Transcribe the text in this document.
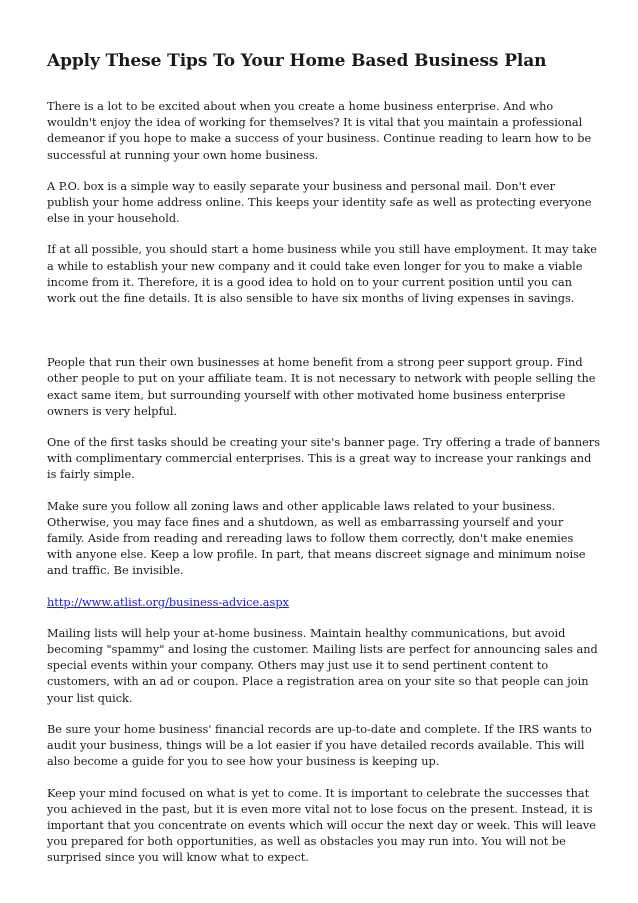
Apply These Tips To Your Home Based Business Plan

There is a lot to be excited about when you create a home business enterprise. And who wouldn't enjoy the idea of working for themselves? It is vital that you maintain a professional demeanor if you hope to make a success of your business. Continue reading to learn how to be successful at running your own home business.

A P.O. box is a simple way to easily separate your business and personal mail. Don't ever publish your home address online. This keeps your identity safe as well as protecting everyone else in your household.

If at all possible, you should start a home business while you still have employment. It may take a while to establish your new company and it could take even longer for you to make a viable income from it. Therefore, it is a good idea to hold on to your current position until you can work out the fine details. It is also sensible to have six months of living expenses in savings.

People that run their own businesses at home benefit from a strong peer support group. Find other people to put on your affiliate team. It is not necessary to network with people selling the exact same item, but surrounding yourself with other motivated home business enterprise owners is very helpful.

One of the first tasks should be creating your site's banner page. Try offering a trade of banners with complimentary commercial enterprises. This is a great way to increase your rankings and is fairly simple.

Make sure you follow all zoning laws and other applicable laws related to your business. Otherwise, you may face fines and a shutdown, as well as embarrassing yourself and your family. Aside from reading and rereading laws to follow them correctly, don't make enemies with anyone else. Keep a low profile. In part, that means discreet signage and minimum noise and traffic. Be invisible.

http://www.atlist.org/business-advice.aspx

Mailing lists will help your at-home business. Maintain healthy communications, but avoid becoming "spammy" and losing the customer. Mailing lists are perfect for announcing sales and special events within your company. Others may just use it to send pertinent content to customers, with an ad or coupon. Place a registration area on your site so that people can join your list quick.

Be sure your home business' financial records are up-to-date and complete. If the IRS wants to audit your business, things will be a lot easier if you have detailed records available. This will also become a guide for you to see how your business is keeping up.

Keep your mind focused on what is yet to come. It is important to celebrate the successes that you achieved in the past, but it is even more vital not to lose focus on the present. Instead, it is important that you concentrate on events which will occur the next day or week. This will leave you prepared for both opportunities, as well as obstacles you may run into. You will not be surprised since you will know what to expect.
